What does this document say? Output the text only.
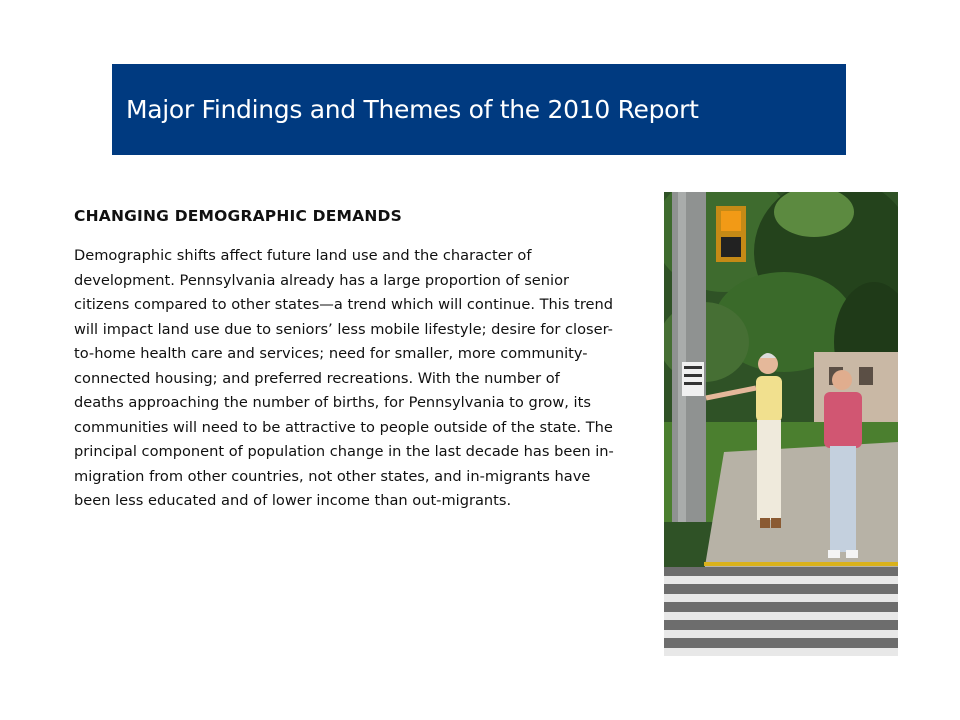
Major Findings and Themes of the 2010 Report
CHANGING DEMOGRAPHIC DEMANDS

Demographic shifts affect future land use and the character of development. Pennsylvania already has a large proportion of senior citizens compared to other states—a trend which will continue. This trend will impact land use due to seniors’ less mobile lifestyle; desire for closer-to-home health care and services; need for smaller, more community-connected housing; and preferred recreations. With the number of deaths approaching the number of births, for Pennsylvania to grow, its communities will need to be attractive to people outside of the state. The principal component of population change in the last decade has been in-migration from other countries, not other states, and in-migrants have been less educated and of lower income than out-migrants.
